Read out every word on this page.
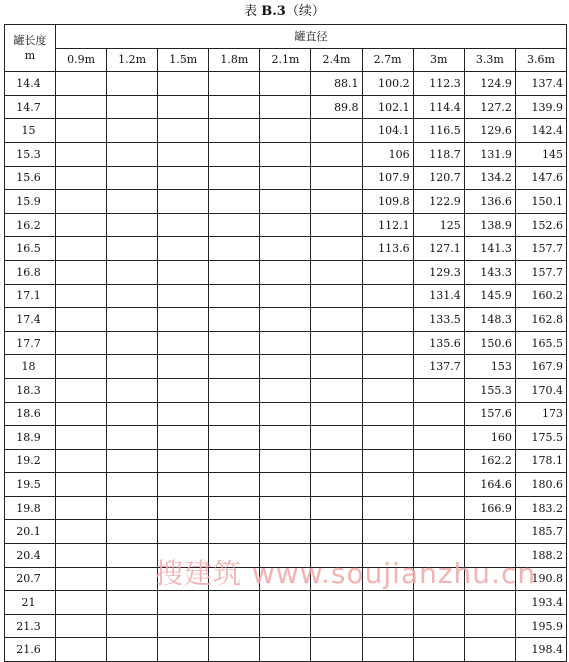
表 B.3（续）
罐长度
m	罐直径									
	0.9m	1.2m	1.5m	1.8m	2.1m	2.4m	2.7m	3m	3.3m	3.6m
14.4						88.1	100.2	112.3	124.9	137.4
14.7						89.8	102.1	114.4	127.2	139.9
15							104.1	116.5	129.6	142.4
15.3							106	118.7	131.9	145
15.6							107.9	120.7	134.2	147.6
15.9							109.8	122.9	136.6	150.1
16.2							112.1	125	138.9	152.6
16.5							113.6	127.1	141.3	157.7
16.8								129.3	143.3	157.7
17.1								131.4	145.9	160.2
17.4								133.5	148.3	162.8
17.7								135.6	150.6	165.5
18								137.7	153	167.9
18.3									155.3	170.4
18.6									157.6	173
18.9									160	175.5
19.2									162.2	178.1
19.5									164.6	180.6
19.8									166.9	183.2
20.1										185.7
20.4										188.2
20.7										190.8
21										193.4
21.3										195.9
21.6										198.4
搜建筑 www.soujianzhu.cn
